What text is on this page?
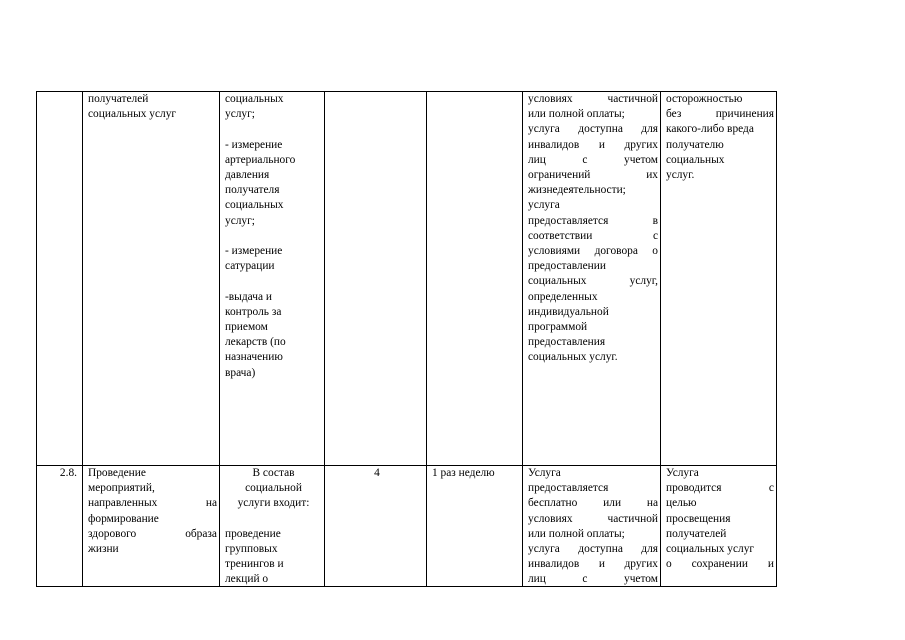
получателей
социальных услуг
социальных
услуг;
- измерение
артериального
давления
получателя
социальных
услуг;
- измерение
сатурации
-выдача и
контроль за
приемом
лекарств (по
назначению
врача)
условиях частичной
или полной оплаты;
услуга доступна для
инвалидов и других
лиц с учетом
ограничений их
жизнедеятельности;
услуга
предоставляется в
соответствии с
условиями договора о
предоставлении
социальных услуг,
определенных
индивидуальной
программой
предоставления
социальных услуг.
осторожностью
без причинения
какого-либо вреда
получателю
социальных
услуг.
2.8. Проведение
мероприятий,
направленных на
формирование
здорового образа
жизни
В состав
социальной
услуги входит:
проведение
групповых
тренингов и
лекций о
4	1 раз неделю	Услуга
предоставляется
бесплатно или на
условиях частичной
или полной оплаты;
услуга доступна для
инвалидов и других
лиц с учетом
Услуга
проводится с
целью
просвещения
получателей
социальных услуг
о сохранении и
